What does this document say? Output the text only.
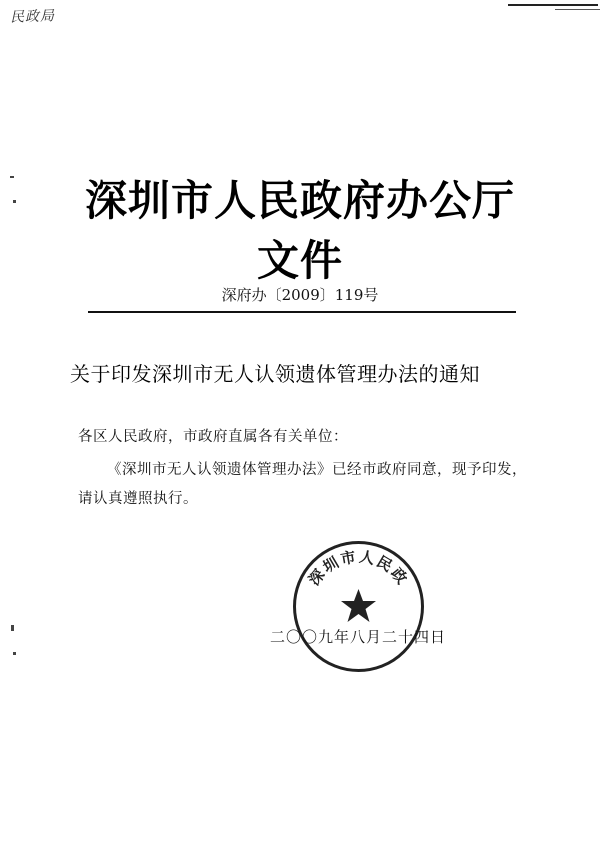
民政局
深圳市人民政府办公厅文件
深府办〔2009〕119号
关于印发深圳市无人认领遗体管理办法的通知
各区人民政府，市政府直属各有关单位：
《深圳市无人认领遗体管理办法》已经市政府同意，现予印发，请认真遵照执行。
深圳市人民政
二〇〇九年八月二十四日
